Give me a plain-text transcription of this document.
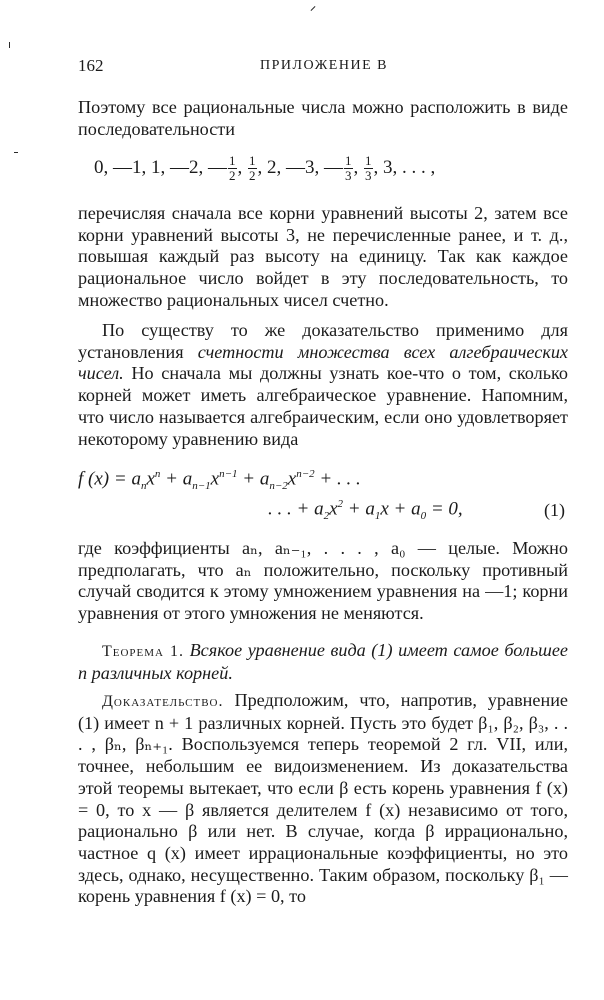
162	ПРИЛОЖЕНИЕ В

Поэтому все рациональные числа можно расположить в виде последовательности

0, —1, 1, —2, — $\frac{1}{2}$ , $\frac{1}{2}$ , 2, —3, — $\frac{1}{3}$ , $\frac{1}{3}$ , 3, . . . ,

перечисляя сначала все корни уравнений высоты 2, затем все корни уравнений высоты 3, не перечисленные ранее, и т. д., повышая каждый раз высоту на единицу. Так как каждое рациональное число войдет в эту последовательность, то множество рациональных чисел счетно.

По существу то же доказательство применимо для установления счетности множества всех алгебраических чисел. Но сначала мы должны узнать кое-что о том, сколько корней может иметь алгебраическое уравнение. Напомним, что число называется алгебраическим, если оно удовлетворяет некоторому уравнению вида

f $(x) = a_nx^n + a_{n-1}x^{n-1} + a_{n-2}x^{n-2}$ + . . .
. . . + $a_2x^2 + a_1x + a_0 = 0$,	(1)

где коэффициенты aₙ, aₙ₋₁, . . . , a₀ — целые. Можно предполагать, что aₙ положительно, поскольку противный случай сводится к этому умножением уравнения на —1; корни уравнения от этого умножения не меняются.

Теорема 1. Всякое уравнение вида (1) имеет самое большее n различных корней.

Доказательство. Предположим, что, напротив, уравнение (1) имеет n + 1 различных корней. Пусть это будет β₁, β₂, β₃, . . . , βₙ, βₙ₊₁. Воспользуемся теперь теоремой 2 гл. VII, или, точнее, небольшим ее видоизменением. Из доказательства этой теоремы вытекает, что если β есть корень уравнения f (x) = 0, то x — β является делителем f (x) независимо от того, рационально β или нет. В случае, когда β иррационально, частное q (x) имеет иррациональные коэффициенты, но это здесь, однако, несущественно. Таким образом, поскольку β₁ — корень уравнения f (x) = 0, то
